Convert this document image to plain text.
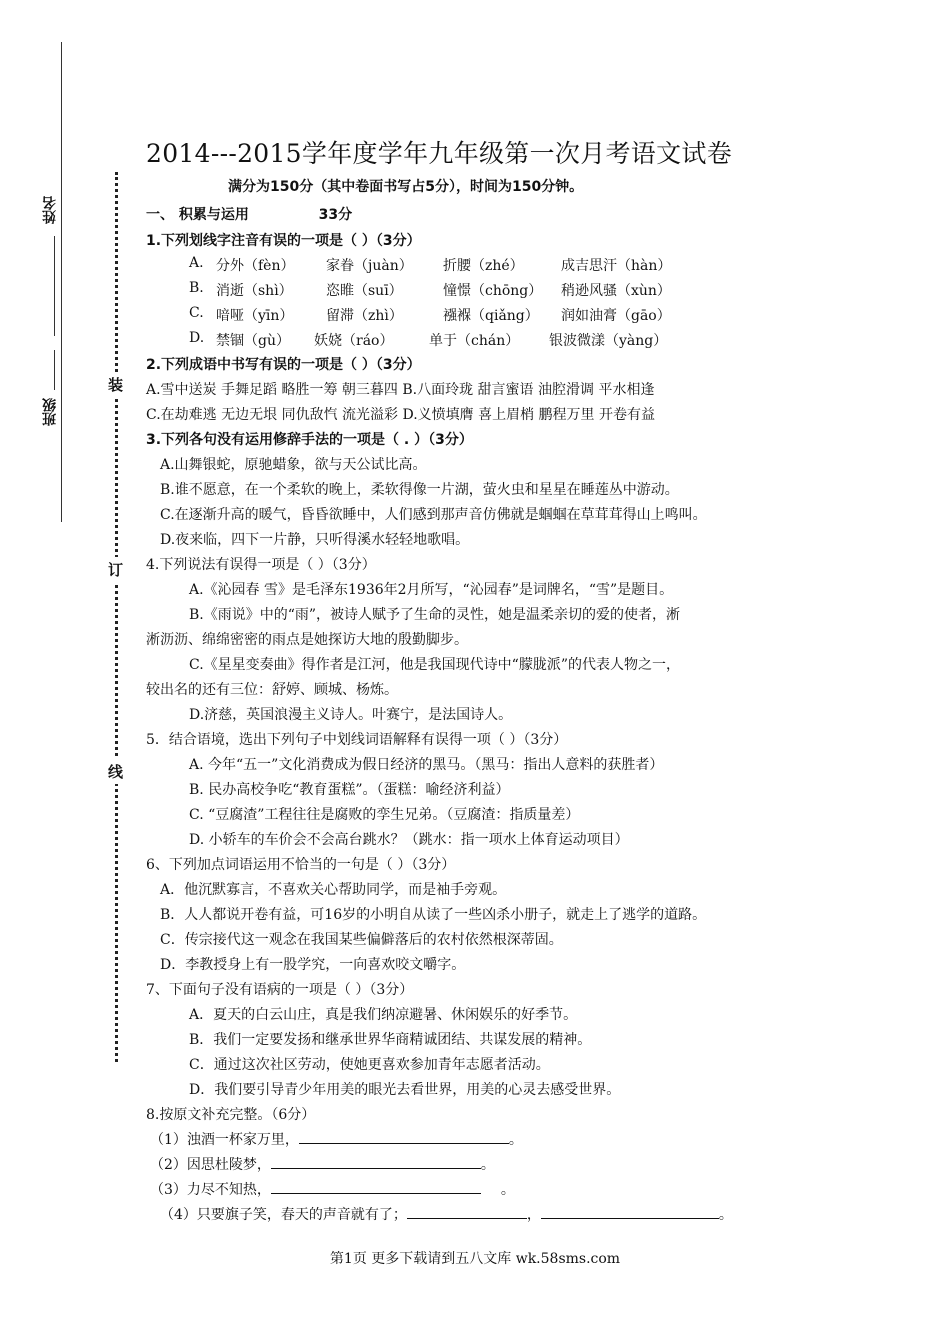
姓名
班级
装
订
线
2014---2015学年度学年九年级第一次月考语文试卷
满分为150分（其中卷面书写占5分），时间为150分钟。
一、 积累与运用	33分
1.下列划线字注音有误的一项是（ ）（3分）
A. 分外（fèn） 家眷（juàn） 折腰（zhé）	成吉思汗（hàn）
B. 消逝（shì） 恣睢（suī）	憧憬（chōng） 稍逊风骚（xùn）
C. 喑哑（yīn） 留滞（zhì）	襁褓（qiǎng） 润如油膏（gāo）
D. 禁锢（gù） 妖娆（ráo）	单于（chán） 银波微漾（yàng）
2.下列成语中书写有误的一项是（ ）（3分）
A.雪中送炭 手舞足蹈 略胜一筹 朝三暮四 B.八面玲珑 甜言蜜语 油腔滑调 平水相逢
C.在劫难逃 无边无垠 同仇敌忾 流光溢彩 D.义愤填膺 喜上眉梢 鹏程万里 开卷有益
3.下列各句没有运用修辞手法的一项是（ . ）（3分）
A.山舞银蛇，原驰蜡象，欲与天公试比高。
B.谁不愿意，在一个柔软的晚上，柔软得像一片湖，萤火虫和星星在睡莲丛中游动。
C.在逐渐升高的暖气，昏昏欲睡中，人们感到那声音仿佛就是蝈蝈在草茸茸得山上鸣叫。
D.夜来临，四下一片静，只听得溪水轻轻地歌唱。
4.下列说法有误得一项是（ ）（3分）
A.《沁园春 雪》是毛泽东1936年2月所写，“沁园春”是词牌名，“雪”是题目。
B.《雨说》中的“雨”，被诗人赋予了生命的灵性，她是温柔亲切的爱的使者，淅
淅沥沥、绵绵密密的雨点是她探访大地的殷勤脚步。
C.《星星变奏曲》得作者是江河，他是我国现代诗中“朦胧派”的代表人物之一，
较出名的还有三位：舒婷、顾城、杨炼。
D.济慈，英国浪漫主义诗人。叶赛宁，是法国诗人。
5．结合语境，选出下列句子中划线词语解释有误得一项（ ）（3分）
A. 今年“五一”文化消费成为假日经济的黑马。（黑马：指出人意料的获胜者）
B. 民办高校争吃“教育蛋糕”。（蛋糕：喻经济利益）
C. “豆腐渣”工程往往是腐败的孪生兄弟。（豆腐渣：指质量差）
D. 小轿车的车价会不会高台跳水？（跳水：指一项水上体育运动项目）
6、下列加点词语运用不恰当的一句是（ ）（3分）
A．他沉默寡言，不喜欢关心帮助同学，而是袖手旁观。
B．人人都说开卷有益，可16岁的小明自从读了一些凶杀小册子，就走上了逃学的道路。
C．传宗接代这一观念在我国某些偏僻落后的农村依然根深蒂固。
D．李教授身上有一股学究，一向喜欢咬文嚼字。
7、下面句子没有语病的一项是（ ）（3分）
A．夏天的白云山庄，真是我们纳凉避暑、休闲娱乐的好季节。
B．我们一定要发扬和继承世界华商精诚团结、共谋发展的精神。
C．通过这次社区劳动，使她更喜欢参加青年志愿者活动。
D．我们要引导青少年用美的眼光去看世界，用美的心灵去感受世界。
8.按原文补充完整。（6分）
（1）浊酒一杯家万里，	。
（2）因思杜陵梦，	。
（3）力尽不知热，	。
（4）只要旗子笑，春天的声音就有了；	，	。
第1页 更多下载请到五八文库 wk.58sms.com
